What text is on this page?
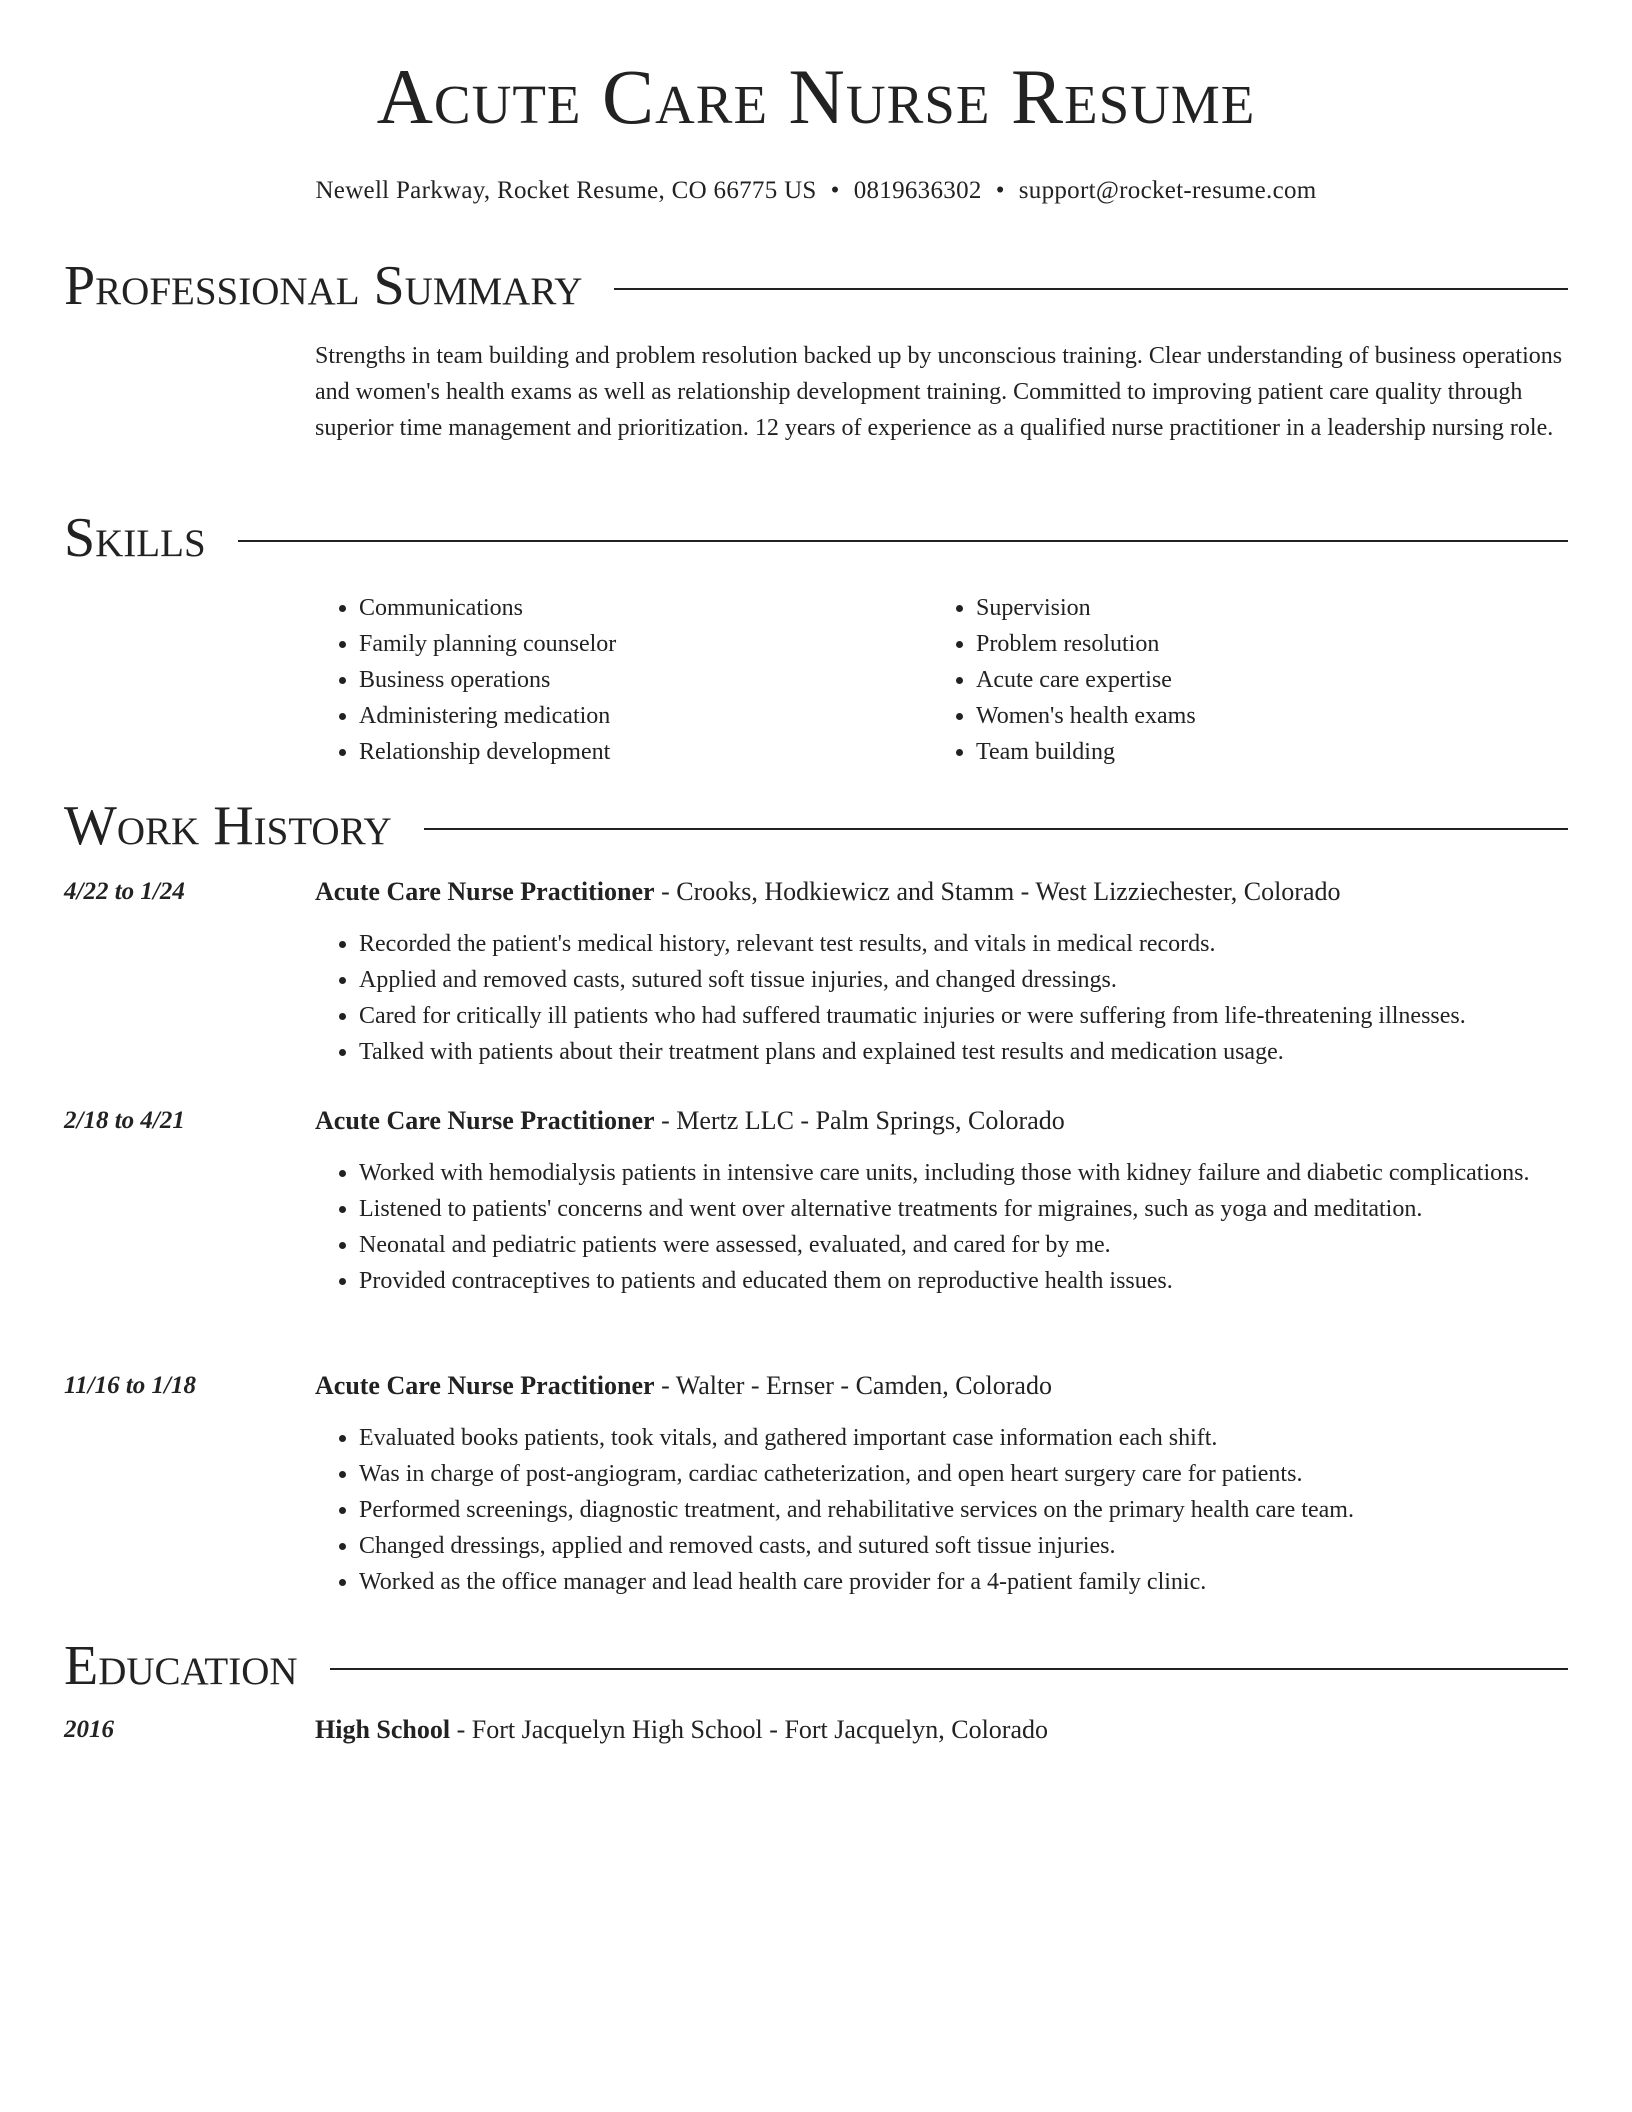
Acute Care Nurse Resume
Newell Parkway, Rocket Resume, CO 66775 US • 0819636302 • support@rocket-resume.com
Professional Summary
Strengths in team building and problem resolution backed up by unconscious training. Clear understanding of business operations and women's health exams as well as relationship development training. Committed to improving patient care quality through superior time management and prioritization. 12 years of experience as a qualified nurse practitioner in a leadership nursing role.
Skills
• Communications
• Family planning counselor
• Business operations
• Administering medication
• Relationship development
• Supervision
• Problem resolution
• Acute care expertise
• Women's health exams
• Team building
Work History
4/22 to 1/24	Acute Care Nurse Practitioner - Crooks, Hodkiewicz and Stamm - West Lizziechester, Colorado
• Recorded the patient's medical history, relevant test results, and vitals in medical records.
• Applied and removed casts, sutured soft tissue injuries, and changed dressings.
• Cared for critically ill patients who had suffered traumatic injuries or were suffering from life-threatening illnesses.
• Talked with patients about their treatment plans and explained test results and medication usage.
2/18 to 4/21	Acute Care Nurse Practitioner - Mertz LLC - Palm Springs, Colorado
• Worked with hemodialysis patients in intensive care units, including those with kidney failure and diabetic complications.
• Listened to patients' concerns and went over alternative treatments for migraines, such as yoga and meditation.
• Neonatal and pediatric patients were assessed, evaluated, and cared for by me.
• Provided contraceptives to patients and educated them on reproductive health issues.
11/16 to 1/18	Acute Care Nurse Practitioner - Walter - Ernser - Camden, Colorado
• Evaluated books patients, took vitals, and gathered important case information each shift.
• Was in charge of post-angiogram, cardiac catheterization, and open heart surgery care for patients.
• Performed screenings, diagnostic treatment, and rehabilitative services on the primary health care team.
• Changed dressings, applied and removed casts, and sutured soft tissue injuries.
• Worked as the office manager and lead health care provider for a 4-patient family clinic.
Education
2016	High School - Fort Jacquelyn High School - Fort Jacquelyn, Colorado
